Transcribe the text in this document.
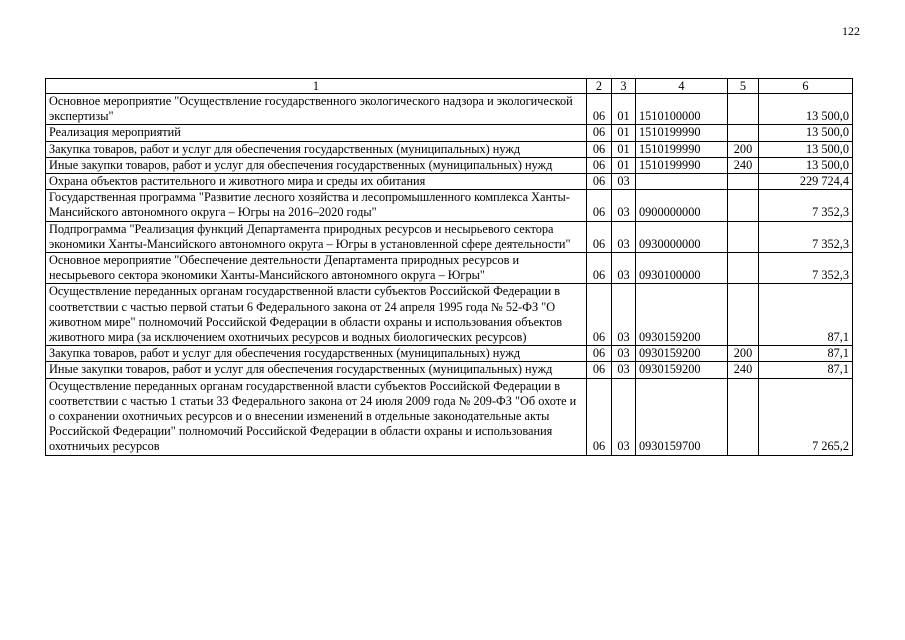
122
1	2	3	4	5	6
Основное мероприятие "Осуществление государственного экологического надзора и экологической экспертизы"	06	01	1510100000		13 500,0
Реализация мероприятий	06	01	1510199990		13 500,0
Закупка товаров, работ и услуг для обеспечения государственных (муниципальных) нужд	06	01	1510199990	200	13 500,0
Иные закупки товаров, работ и услуг для обеспечения государственных (муниципальных) нужд	06	01	1510199990	240	13 500,0
Охрана объектов растительного и животного мира и среды их обитания	06	03			229 724,4
Государственная программа "Развитие лесного хозяйства и лесопромышленного комплекса Ханты-Мансийского автономного округа – Югры на 2016–2020 годы"	06	03	0900000000		7 352,3
Подпрограмма "Реализация функций Департамента природных ресурсов и несырьевого сектора экономики Ханты-Мансийского автономного округа – Югры в установленной сфере деятельности"	06	03	0930000000		7 352,3
Основное мероприятие "Обеспечение деятельности Департамента природных ресурсов и несырьевого сектора экономики Ханты-Мансийского автономного округа – Югры"	06	03	0930100000		7 352,3
Осуществление переданных органам государственной власти субъектов Российской Федерации в соответствии с частью первой статьи 6 Федерального закона от 24 апреля 1995 года № 52-ФЗ "О животном мире" полномочий Российской Федерации в области охраны и использования объектов животного мира (за исключением охотничьих ресурсов и водных биологических ресурсов)	06	03	0930159200		87,1
Закупка товаров, работ и услуг для обеспечения государственных (муниципальных) нужд	06	03	0930159200	200	87,1
Иные закупки товаров, работ и услуг для обеспечения государственных (муниципальных) нужд	06	03	0930159200	240	87,1
Осуществление переданных органам государственной власти субъектов Российской Федерации в соответствии с частью 1 статьи 33 Федерального закона от 24 июля 2009 года № 209-ФЗ "Об охоте и о сохранении охотничьих ресурсов и о внесении изменений в отдельные законодательные акты Российской Федерации" полномочий Российской Федерации в области охраны и использования охотничьих ресурсов	06	03	0930159700		7 265,2
